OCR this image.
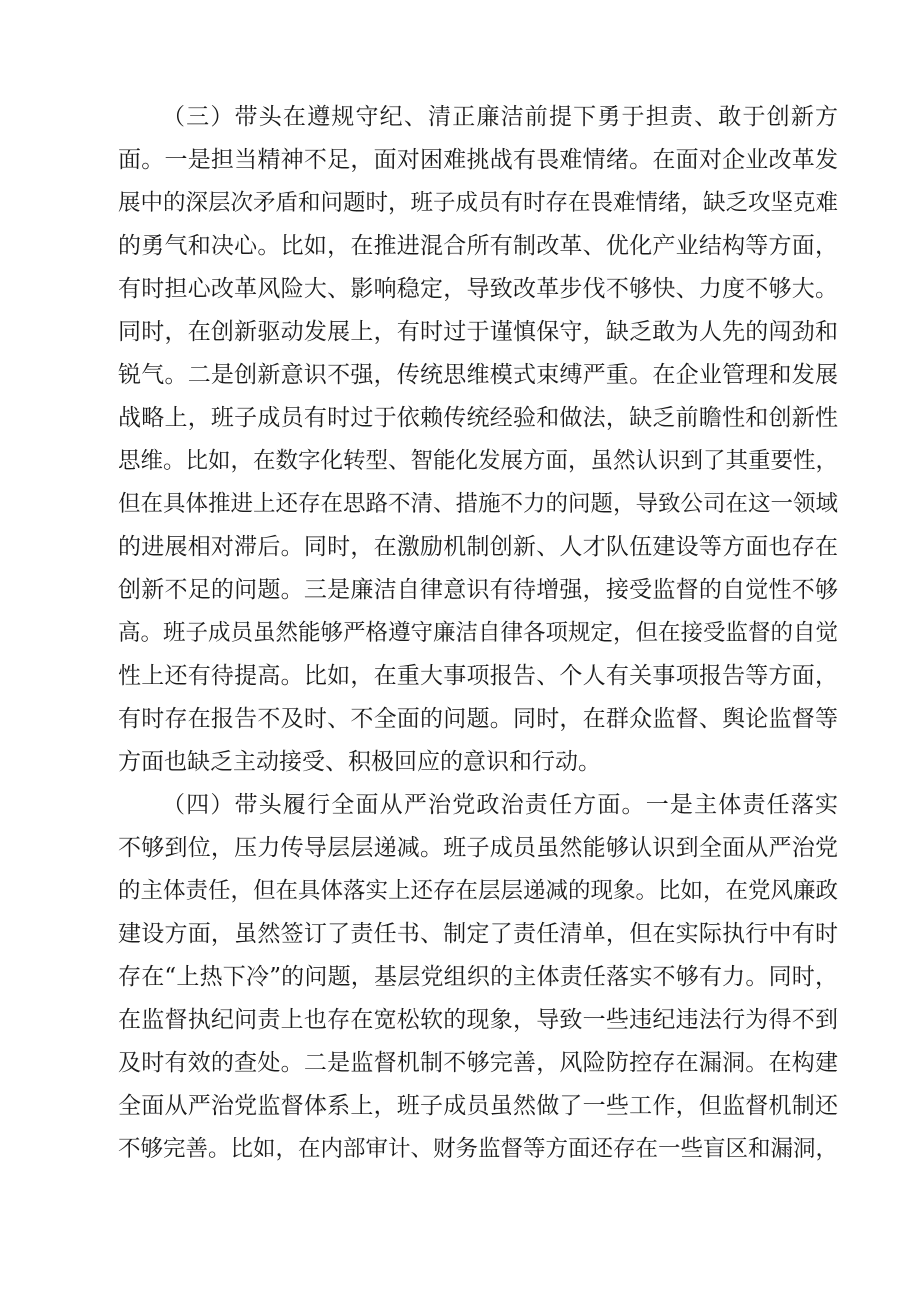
（三）带头在遵规守纪、清正廉洁前提下勇于担责、敢于创新方
面。一是担当精神不足，面对困难挑战有畏难情绪。在面对企业改革发
展中的深层次矛盾和问题时，班子成员有时存在畏难情绪，缺乏攻坚克难
的勇气和决心。比如，在推进混合所有制改革、优化产业结构等方面，
有时担心改革风险大、影响稳定，导致改革步伐不够快、力度不够大。
同时，在创新驱动发展上，有时过于谨慎保守，缺乏敢为人先的闯劲和
锐气。二是创新意识不强，传统思维模式束缚严重。在企业管理和发展
战略上，班子成员有时过于依赖传统经验和做法，缺乏前瞻性和创新性
思维。比如，在数字化转型、智能化发展方面，虽然认识到了其重要性，
但在具体推进上还存在思路不清、措施不力的问题，导致公司在这一领域
的进展相对滞后。同时，在激励机制创新、人才队伍建设等方面也存在
创新不足的问题。三是廉洁自律意识有待增强，接受监督的自觉性不够
高。班子成员虽然能够严格遵守廉洁自律各项规定，但在接受监督的自觉
性上还有待提高。比如，在重大事项报告、个人有关事项报告等方面，
有时存在报告不及时、不全面的问题。同时，在群众监督、舆论监督等
方面也缺乏主动接受、积极回应的意识和行动。
（四）带头履行全面从严治党政治责任方面。一是主体责任落实
不够到位，压力传导层层递减。班子成员虽然能够认识到全面从严治党
的主体责任，但在具体落实上还存在层层递减的现象。比如，在党风廉政
建设方面，虽然签订了责任书、制定了责任清单，但在实际执行中有时
存在“上热下冷”的问题，基层党组织的主体责任落实不够有力。同时，
在监督执纪问责上也存在宽松软的现象，导致一些违纪违法行为得不到
及时有效的查处。二是监督机制不够完善，风险防控存在漏洞。在构建
全面从严治党监督体系上，班子成员虽然做了一些工作，但监督机制还
不够完善。比如，在内部审计、财务监督等方面还存在一些盲区和漏洞，
